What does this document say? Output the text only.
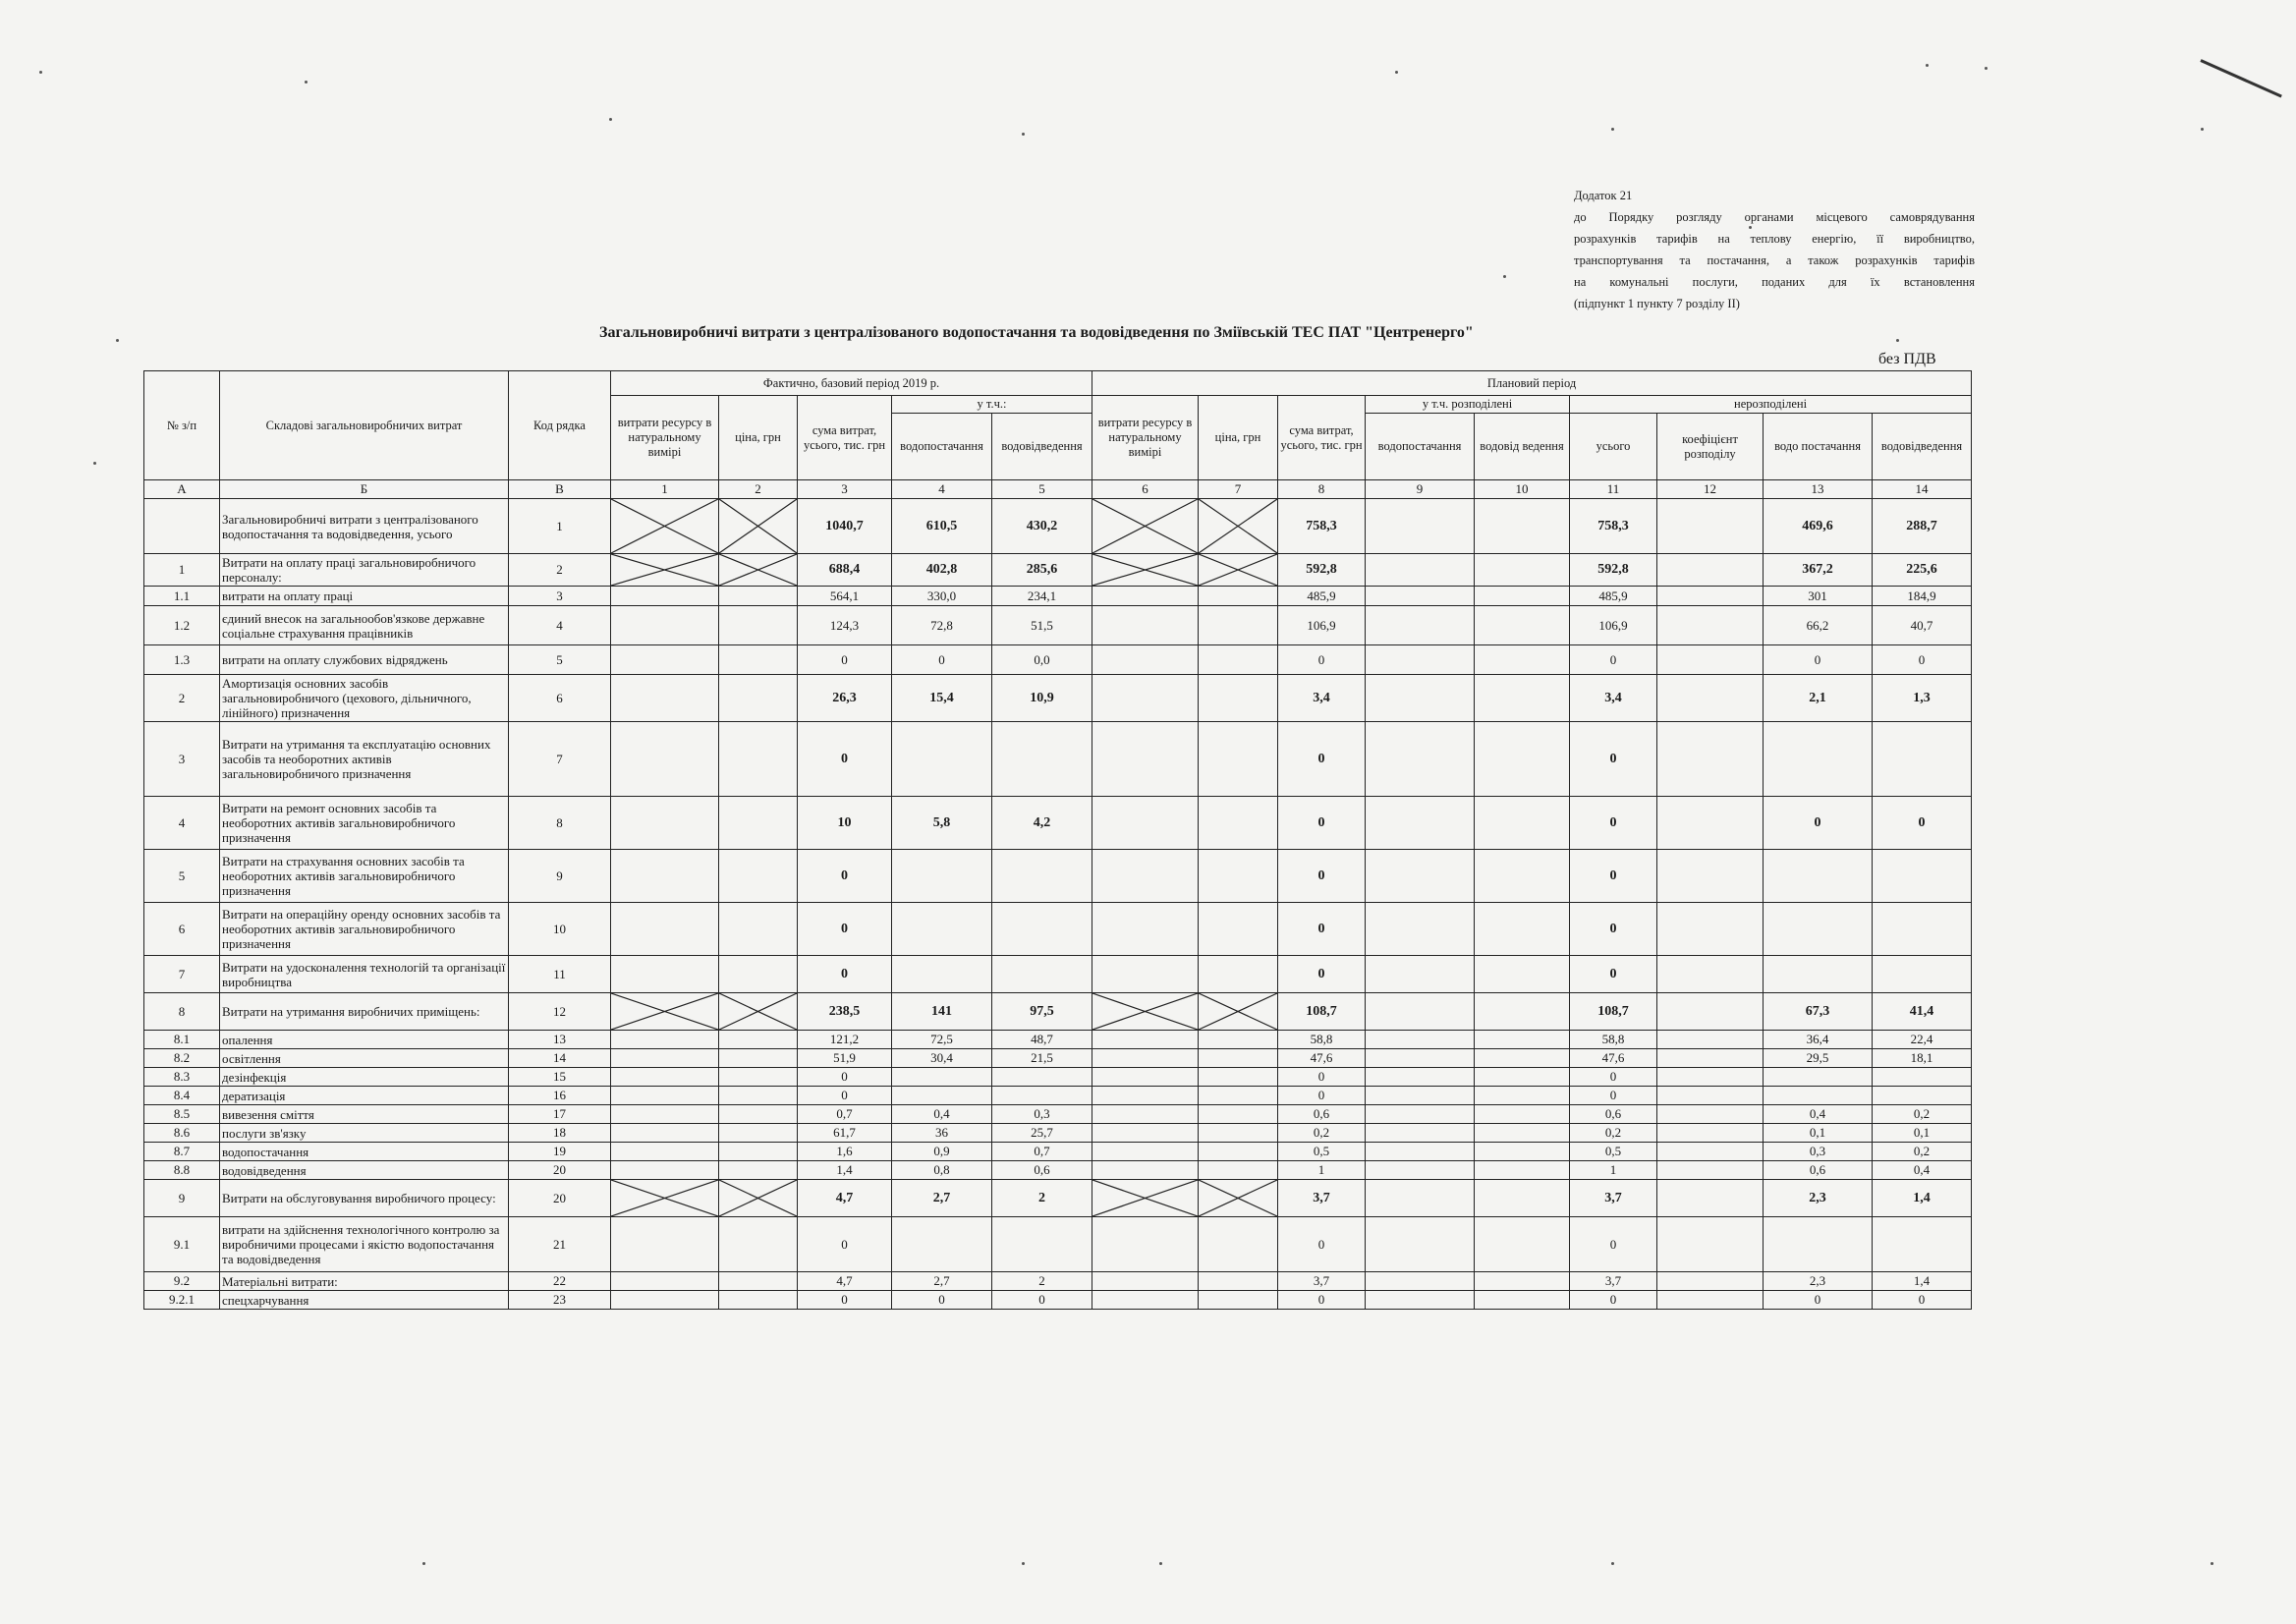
Додаток 21
до Порядку розгляду органами місцевого самоврядування
розрахунків тарифів на теплову енергію, її виробництво,
транспортування та постачання, а також розрахунків тарифів
на комунальні послуги, поданих для їх встановлення
(підпункт 1 пункту 7 розділу II)
Загальновиробничі витрати з централізованого водопостачання та водовідведення по Зміївській ТЕС ПАТ "Центренерго"
без ПДВ
№ з/п	Складові загальновиробничих витрат	Код рядка	Фактично, базовий період 2019 р.					Плановий період								
			витрати ресурсу в натуральному вимірі	ціна, грн	сума витрат, усього, тис. грн	у т.ч.:		витрати ресурсу в натуральному вимірі	ціна, грн	сума витрат, усього, тис. грн	у т.ч. розподілені		нерозподілені			
						водопостачання	водовідведення				водопостачання	водовід ведення	усього	коефіцієнт розподілу	водо постачання	водовідведення
А	Б	В	1	2	3	4	5	6	7	8	9	10	11	12	13	14
	Загальновиробничі витрати з централізованого водопостачання та водовідведення, усього	1			1040,7	610,5	430,2			758,3			758,3		469,6	288,7
1	Витрати на оплату праці загальновиробничого персоналу:	2			688,4	402,8	285,6			592,8			592,8		367,2	225,6
1.1	витрати на оплату праці	3			564,1	330,0	234,1			485,9			485,9		301	184,9
1.2	єдиний внесок на загальнообов'язкове державне соціальне страхування працівників	4			124,3	72,8	51,5			106,9			106,9		66,2	40,7
1.3	витрати на оплату службових відряджень	5			0	0	0,0			0			0		0	0
2	Амортизація основних засобів загальновиробничого (цехового, дільничного, лінійного) призначення	6			26,3	15,4	10,9			3,4			3,4		2,1	1,3
3	Витрати на утримання та експлуатацію основних засобів та необоротних активів загальновиробничого призначення	7			0					0			0			
4	Витрати на ремонт основних засобів та необоротних активів загальновиробничого призначення	8			10	5,8	4,2			0			0		0	0
5	Витрати на страхування основних засобів та необоротних активів загальновиробничого призначення	9			0					0			0			
6	Витрати на операційну оренду основних засобів та необоротних активів загальновиробничого призначення	10			0					0			0			
7	Витрати на удосконалення технологій та організації виробництва	11			0					0			0			
8	Витрати на утримання виробничих приміщень:	12			238,5	141	97,5			108,7			108,7		67,3	41,4
8.1	опалення	13			121,2	72,5	48,7			58,8			58,8		36,4	22,4
8.2	освітлення	14			51,9	30,4	21,5			47,6			47,6		29,5	18,1
8.3	дезінфекція	15			0					0			0			
8.4	дератизація	16			0					0			0			
8.5	вивезення сміття	17			0,7	0,4	0,3			0,6			0,6		0,4	0,2
8.6	послуги зв'язку	18			61,7	36	25,7			0,2			0,2		0,1	0,1
8.7	водопостачання	19			1,6	0,9	0,7			0,5			0,5		0,3	0,2
8.8	водовідведення	20			1,4	0,8	0,6			1			1		0,6	0,4
9	Витрати на обслуговування виробничого процесу:	20			4,7	2,7	2			3,7			3,7		2,3	1,4
9.1	витрати на здійснення технологічного контролю за виробничими процесами і якістю водопостачання та водовідведення	21			0					0			0			
9.2	Матеріальні витрати:	22			4,7	2,7	2			3,7			3,7		2,3	1,4
9.2.1	спецхарчування	23			0	0	0			0			0		0	0
